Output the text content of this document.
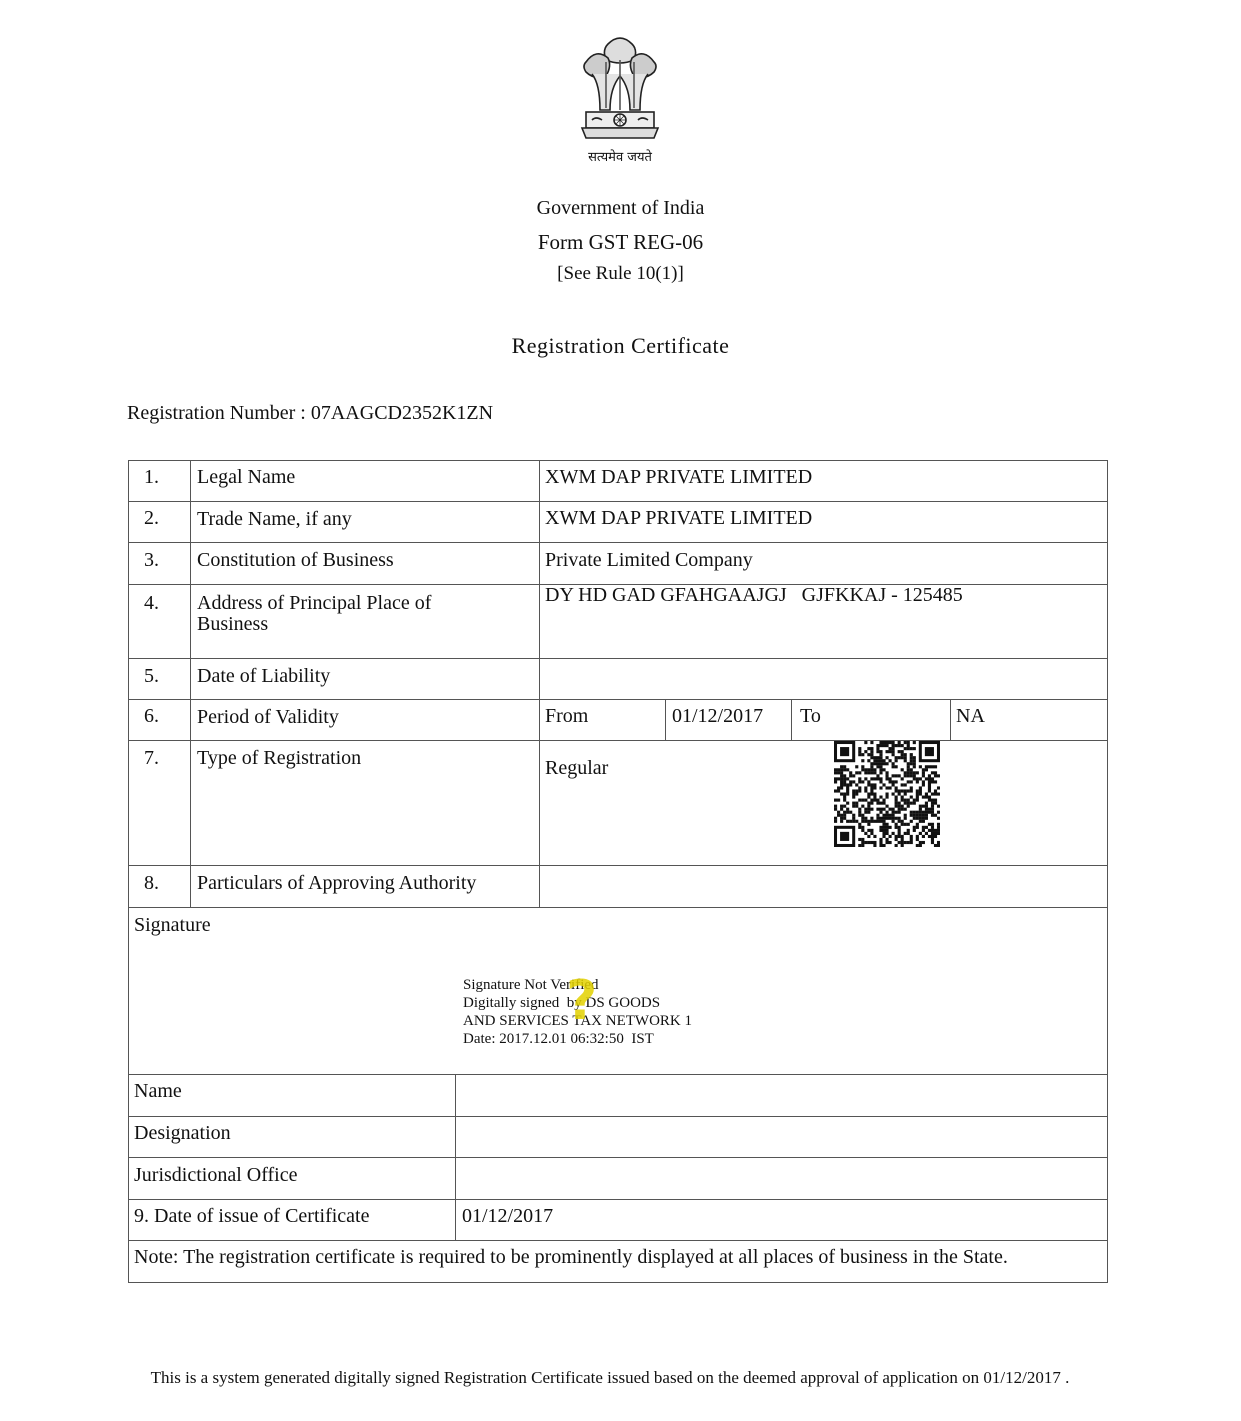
सत्यमेव जयते
Government of India
Form GST REG-06
[See Rule 10(1)]
Registration Certificate
Registration Number : 07AAGCD2352K1ZN
1. Legal Name	XWM DAP PRIVATE LIMITED
2. Trade Name, if any	XWM DAP PRIVATE LIMITED
3. Constitution of Business	Private Limited Company
4. Address of Principal Place of
Business
DY HD GAD GFAHGAAJGJ   GJFKKAJ - 125485
5. Date of Liability
6. Period of Validity	From	01/12/2017 To	NA
7. Type of Registration	Regular
8. Particulars of Approving Authority
Signature
Signature Not Verified
Digitally signed  by DS GOODS
AND SERVICES TAX NETWORK 1
Date: 2017.12.01 06:32:50  IST
?
Name
Designation
Jurisdictional Office
9. Date of issue of Certificate	01/12/2017
Note: The registration certificate is required to be prominently displayed at all places of business in the State.
This is a system generated digitally signed Registration Certificate issued based on the deemed approval of application on 01/12/2017 .
